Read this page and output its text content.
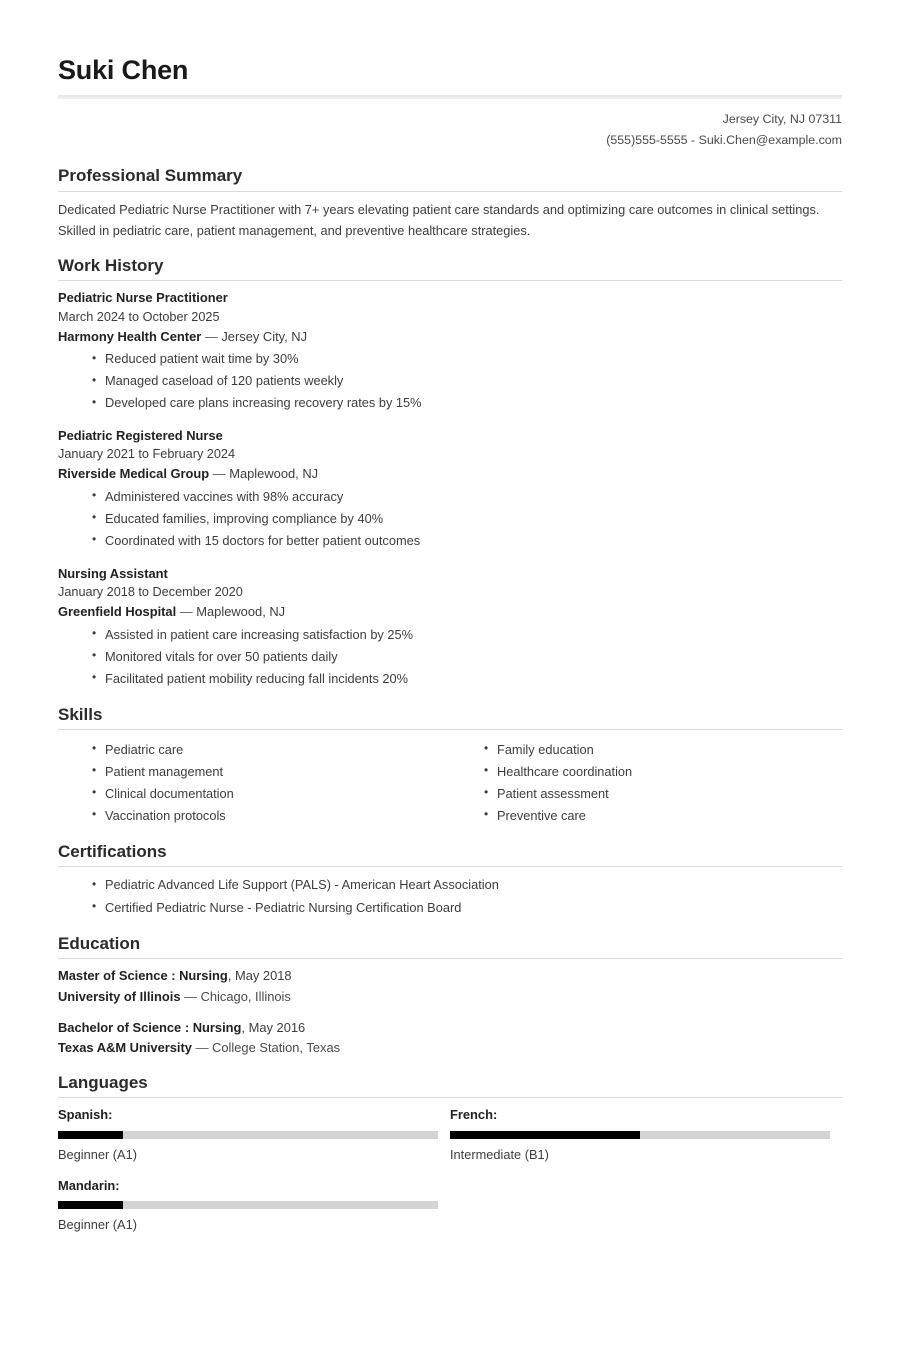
Suki Chen
Jersey City, NJ 07311
(555)555-5555 - Suki.Chen@example.com
Professional Summary

Dedicated Pediatric Nurse Practitioner with 7+ years elevating patient care standards and optimizing care outcomes in clinical settings. Skilled in pediatric care, patient management, and preventive healthcare strategies.

Work History
Pediatric Nurse Practitioner
March 2024 to October 2025
Harmony Health Center — Jersey City, NJ
• Reduced patient wait time by 30%
• Managed caseload of 120 patients weekly
• Developed care plans increasing recovery rates by 15%
Pediatric Registered Nurse
January 2021 to February 2024
Riverside Medical Group — Maplewood, NJ
• Administered vaccines with 98% accuracy
• Educated families, improving compliance by 40%
• Coordinated with 15 doctors for better patient outcomes
Nursing Assistant
January 2018 to December 2020
Greenfield Hospital — Maplewood, NJ
• Assisted in patient care increasing satisfaction by 25%
• Monitored vitals for over 50 patients daily
• Facilitated patient mobility reducing fall incidents 20%
Skills
• Pediatric care
• Patient management
• Clinical documentation
• Vaccination protocols
• Family education
• Healthcare coordination
• Patient assessment
• Preventive care
Certifications
• Pediatric Advanced Life Support (PALS) - American Heart Association
• Certified Pediatric Nurse - Pediatric Nursing Certification Board
Education
Master of Science : Nursing, May 2018
University of Illinois — Chicago, Illinois
Bachelor of Science : Nursing, May 2016
Texas A&M University — College Station, Texas
Languages
Spanish:
Beginner (A1)
French:
Intermediate (B1)
Mandarin:
Beginner (A1)
